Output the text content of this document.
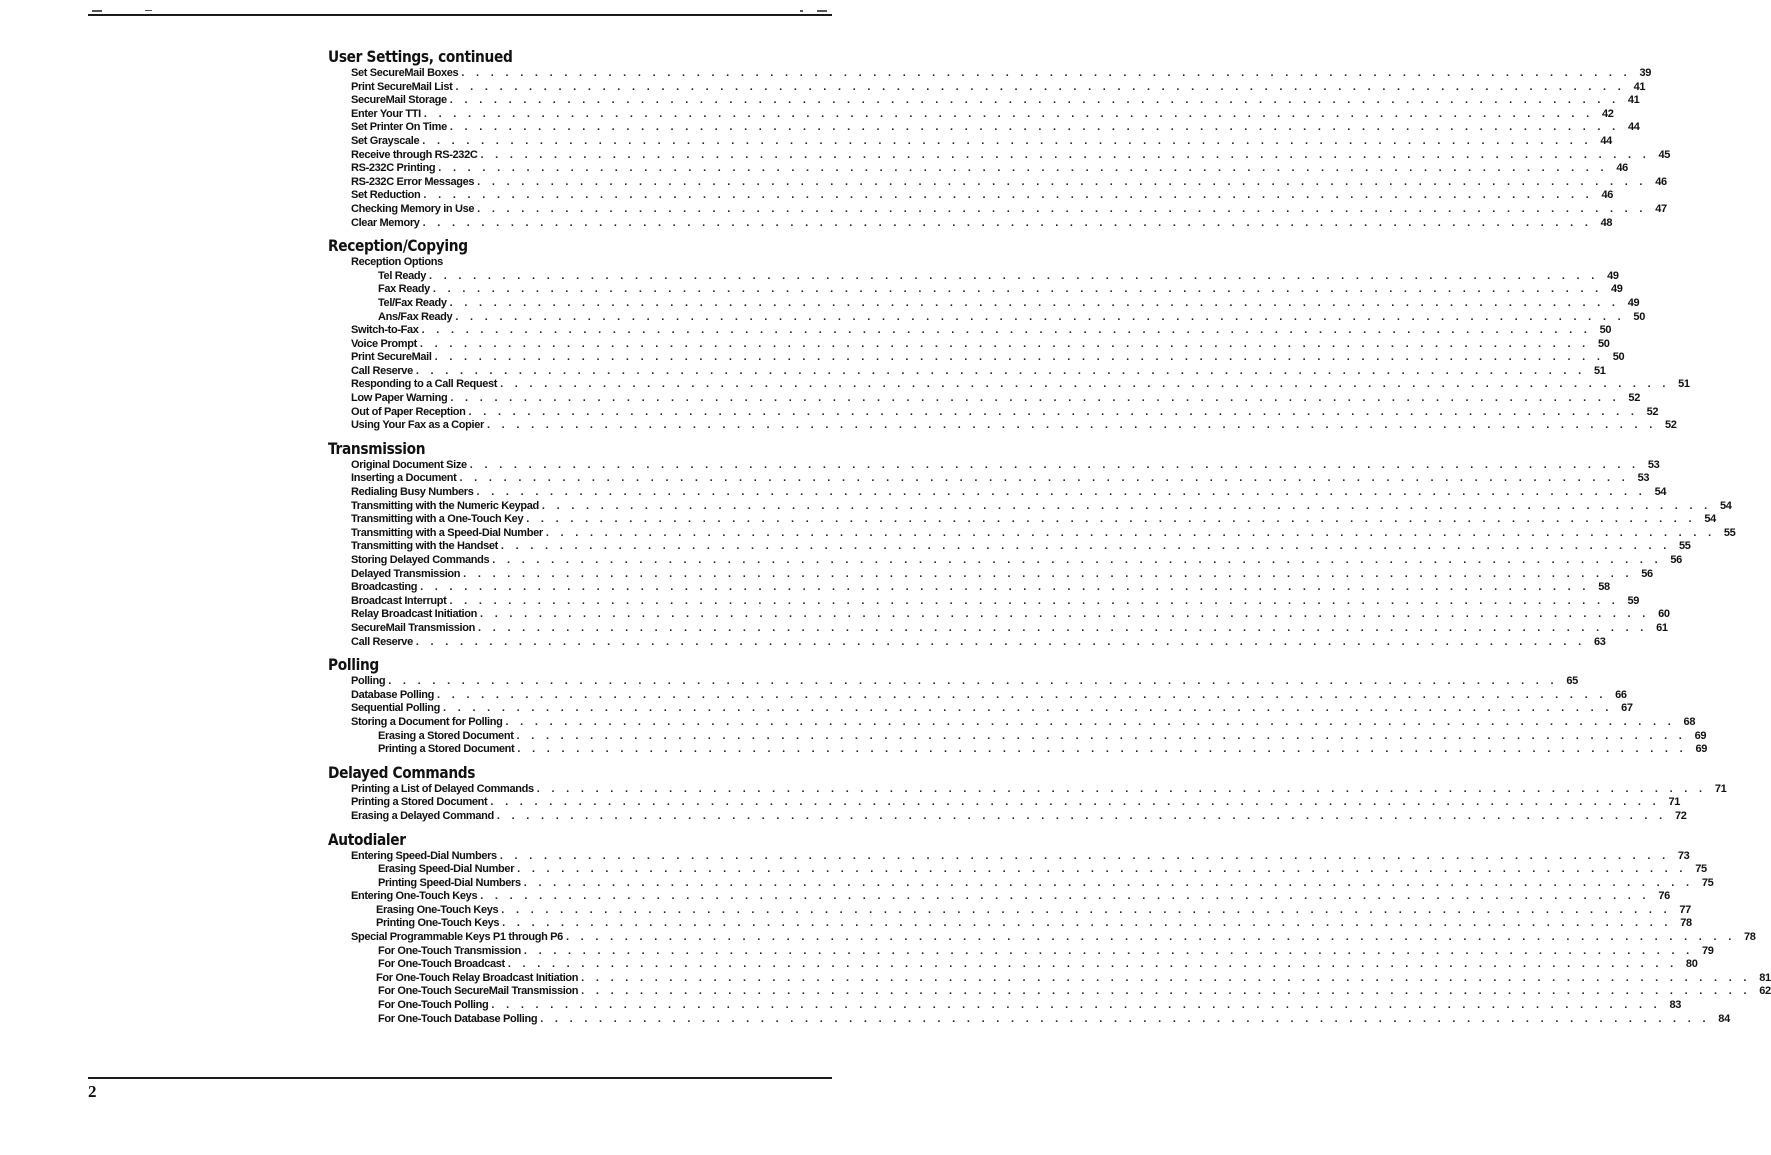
User Settings, continued
Set SecureMail Boxes . . . . . . . . . . . . . . . . . . . . . . . . . . . . . . . . . . . . . . . . . . . . . . . . . . . . . . . . . . . . . . . . . . . . . . . . . . . . . . . . 39
Print SecureMail List . . . . . . . . . . . . . . . . . . . . . . . . . . . . . . . . . . . . . . . . . . . . . . . . . . . . . . . . . . . . . . . . . . . . . . . . . . . . . . . . 41
SecureMail Storage . . . . . . . . . . . . . . . . . . . . . . . . . . . . . . . . . . . . . . . . . . . . . . . . . . . . . . . . . . . . . . . . . . . . . . . . . . . . . . . . 41
Enter Your TTI . . . . . . . . . . . . . . . . . . . . . . . . . . . . . . . . . . . . . . . . . . . . . . . . . . . . . . . . . . . . . . . . . . . . . . . . . . . . . . . . 42
Set Printer On Time . . . . . . . . . . . . . . . . . . . . . . . . . . . . . . . . . . . . . . . . . . . . . . . . . . . . . . . . . . . . . . . . . . . . . . . . . . . . . . . . 44
Set Grayscale . . . . . . . . . . . . . . . . . . . . . . . . . . . . . . . . . . . . . . . . . . . . . . . . . . . . . . . . . . . . . . . . . . . . . . . . . . . . . . . . 44
Receive through RS-232C . . . . . . . . . . . . . . . . . . . . . . . . . . . . . . . . . . . . . . . . . . . . . . . . . . . . . . . . . . . . . . . . . . . . . . . . . . . . . . . . 45
RS-232C Printing . . . . . . . . . . . . . . . . . . . . . . . . . . . . . . . . . . . . . . . . . . . . . . . . . . . . . . . . . . . . . . . . . . . . . . . . . . . . . . . . 46
RS-232C Error Messages . . . . . . . . . . . . . . . . . . . . . . . . . . . . . . . . . . . . . . . . . . . . . . . . . . . . . . . . . . . . . . . . . . . . . . . . . . . . . . . . 46
Set Reduction . . . . . . . . . . . . . . . . . . . . . . . . . . . . . . . . . . . . . . . . . . . . . . . . . . . . . . . . . . . . . . . . . . . . . . . . . . . . . . . . 46
Checking Memory in Use . . . . . . . . . . . . . . . . . . . . . . . . . . . . . . . . . . . . . . . . . . . . . . . . . . . . . . . . . . . . . . . . . . . . . . . . . . . . . . . . 47
Clear Memory . . . . . . . . . . . . . . . . . . . . . . . . . . . . . . . . . . . . . . . . . . . . . . . . . . . . . . . . . . . . . . . . . . . . . . . . . . . . . . . . 48
Reception/Copying
Reception Options
Tel Ready . . . . . . . . . . . . . . . . . . . . . . . . . . . . . . . . . . . . . . . . . . . . . . . . . . . . . . . . . . . . . . . . . . . . . . . . . . . . . . . . 49
Fax Ready . . . . . . . . . . . . . . . . . . . . . . . . . . . . . . . . . . . . . . . . . . . . . . . . . . . . . . . . . . . . . . . . . . . . . . . . . . . . . . . . 49
Tel/Fax Ready . . . . . . . . . . . . . . . . . . . . . . . . . . . . . . . . . . . . . . . . . . . . . . . . . . . . . . . . . . . . . . . . . . . . . . . . . . . . . . . . 49
Ans/Fax Ready . . . . . . . . . . . . . . . . . . . . . . . . . . . . . . . . . . . . . . . . . . . . . . . . . . . . . . . . . . . . . . . . . . . . . . . . . . . . . . . . 50
Switch-to-Fax . . . . . . . . . . . . . . . . . . . . . . . . . . . . . . . . . . . . . . . . . . . . . . . . . . . . . . . . . . . . . . . . . . . . . . . . . . . . . . . . 50
Voice Prompt . . . . . . . . . . . . . . . . . . . . . . . . . . . . . . . . . . . . . . . . . . . . . . . . . . . . . . . . . . . . . . . . . . . . . . . . . . . . . . . . 50
Print SecureMail . . . . . . . . . . . . . . . . . . . . . . . . . . . . . . . . . . . . . . . . . . . . . . . . . . . . . . . . . . . . . . . . . . . . . . . . . . . . . . . . 50
Call Reserve . . . . . . . . . . . . . . . . . . . . . . . . . . . . . . . . . . . . . . . . . . . . . . . . . . . . . . . . . . . . . . . . . . . . . . . . . . . . . . . . 51
Responding to a Call Request . . . . . . . . . . . . . . . . . . . . . . . . . . . . . . . . . . . . . . . . . . . . . . . . . . . . . . . . . . . . . . . . . . . . . . . . . . . . . . . . 51
Low Paper Warning . . . . . . . . . . . . . . . . . . . . . . . . . . . . . . . . . . . . . . . . . . . . . . . . . . . . . . . . . . . . . . . . . . . . . . . . . . . . . . . . 52
Out of Paper Reception . . . . . . . . . . . . . . . . . . . . . . . . . . . . . . . . . . . . . . . . . . . . . . . . . . . . . . . . . . . . . . . . . . . . . . . . . . . . . . . . 52
Using Your Fax as a Copier . . . . . . . . . . . . . . . . . . . . . . . . . . . . . . . . . . . . . . . . . . . . . . . . . . . . . . . . . . . . . . . . . . . . . . . . . . . . . . . . 52
Transmission
Original Document Size . . . . . . . . . . . . . . . . . . . . . . . . . . . . . . . . . . . . . . . . . . . . . . . . . . . . . . . . . . . . . . . . . . . . . . . . . . . . . . . . 53
Inserting a Document . . . . . . . . . . . . . . . . . . . . . . . . . . . . . . . . . . . . . . . . . . . . . . . . . . . . . . . . . . . . . . . . . . . . . . . . . . . . . . . . 53
Redialing Busy Numbers . . . . . . . . . . . . . . . . . . . . . . . . . . . . . . . . . . . . . . . . . . . . . . . . . . . . . . . . . . . . . . . . . . . . . . . . . . . . . . . . 54
Transmitting with the Numeric Keypad . . . . . . . . . . . . . . . . . . . . . . . . . . . . . . . . . . . . . . . . . . . . . . . . . . . . . . . . . . . . . . . . . . . . . . . . . . . . . . . . 54
Transmitting with a One-Touch Key . . . . . . . . . . . . . . . . . . . . . . . . . . . . . . . . . . . . . . . . . . . . . . . . . . . . . . . . . . . . . . . . . . . . . . . . . . . . . . . . 54
Transmitting with a Speed-Dial Number . . . . . . . . . . . . . . . . . . . . . . . . . . . . . . . . . . . . . . . . . . . . . . . . . . . . . . . . . . . . . . . . . . . . . . . . . . . . . . . . 55
Transmitting with the Handset . . . . . . . . . . . . . . . . . . . . . . . . . . . . . . . . . . . . . . . . . . . . . . . . . . . . . . . . . . . . . . . . . . . . . . . . . . . . . . . . 55
Storing Delayed Commands . . . . . . . . . . . . . . . . . . . . . . . . . . . . . . . . . . . . . . . . . . . . . . . . . . . . . . . . . . . . . . . . . . . . . . . . . . . . . . . . 56
Delayed Transmission . . . . . . . . . . . . . . . . . . . . . . . . . . . . . . . . . . . . . . . . . . . . . . . . . . . . . . . . . . . . . . . . . . . . . . . . . . . . . . . . 56
Broadcasting . . . . . . . . . . . . . . . . . . . . . . . . . . . . . . . . . . . . . . . . . . . . . . . . . . . . . . . . . . . . . . . . . . . . . . . . . . . . . . . . 58
Broadcast Interrupt . . . . . . . . . . . . . . . . . . . . . . . . . . . . . . . . . . . . . . . . . . . . . . . . . . . . . . . . . . . . . . . . . . . . . . . . . . . . . . . . 59
Relay Broadcast Initiation . . . . . . . . . . . . . . . . . . . . . . . . . . . . . . . . . . . . . . . . . . . . . . . . . . . . . . . . . . . . . . . . . . . . . . . . . . . . . . . . 60
SecureMail Transmission . . . . . . . . . . . . . . . . . . . . . . . . . . . . . . . . . . . . . . . . . . . . . . . . . . . . . . . . . . . . . . . . . . . . . . . . . . . . . . . . 61
Call Reserve . . . . . . . . . . . . . . . . . . . . . . . . . . . . . . . . . . . . . . . . . . . . . . . . . . . . . . . . . . . . . . . . . . . . . . . . . . . . . . . . 63
Polling
Polling . . . . . . . . . . . . . . . . . . . . . . . . . . . . . . . . . . . . . . . . . . . . . . . . . . . . . . . . . . . . . . . . . . . . . . . . . . . . . . . . 65
Database Polling . . . . . . . . . . . . . . . . . . . . . . . . . . . . . . . . . . . . . . . . . . . . . . . . . . . . . . . . . . . . . . . . . . . . . . . . . . . . . . . . 66
Sequential Polling . . . . . . . . . . . . . . . . . . . . . . . . . . . . . . . . . . . . . . . . . . . . . . . . . . . . . . . . . . . . . . . . . . . . . . . . . . . . . . . . 67
Storing a Document for Polling . . . . . . . . . . . . . . . . . . . . . . . . . . . . . . . . . . . . . . . . . . . . . . . . . . . . . . . . . . . . . . . . . . . . . . . . . . . . . . . . 68
Erasing a Stored Document . . . . . . . . . . . . . . . . . . . . . . . . . . . . . . . . . . . . . . . . . . . . . . . . . . . . . . . . . . . . . . . . . . . . . . . . . . . . . . . . 69
Printing a Stored Document . . . . . . . . . . . . . . . . . . . . . . . . . . . . . . . . . . . . . . . . . . . . . . . . . . . . . . . . . . . . . . . . . . . . . . . . . . . . . . . . 69
Delayed Commands
Printing a List of Delayed Commands . . . . . . . . . . . . . . . . . . . . . . . . . . . . . . . . . . . . . . . . . . . . . . . . . . . . . . . . . . . . . . . . . . . . . . . . . . . . . . . . 71
Printing a Stored Document . . . . . . . . . . . . . . . . . . . . . . . . . . . . . . . . . . . . . . . . . . . . . . . . . . . . . . . . . . . . . . . . . . . . . . . . . . . . . . . . 71
Erasing a Delayed Command . . . . . . . . . . . . . . . . . . . . . . . . . . . . . . . . . . . . . . . . . . . . . . . . . . . . . . . . . . . . . . . . . . . . . . . . . . . . . . . . 72
Autodialer
Entering Speed-Dial Numbers . . . . . . . . . . . . . . . . . . . . . . . . . . . . . . . . . . . . . . . . . . . . . . . . . . . . . . . . . . . . . . . . . . . . . . . . . . . . . . . . 73
Erasing Speed-Dial Number . . . . . . . . . . . . . . . . . . . . . . . . . . . . . . . . . . . . . . . . . . . . . . . . . . . . . . . . . . . . . . . . . . . . . . . . . . . . . . . . 75
Printing Speed-Dial Numbers . . . . . . . . . . . . . . . . . . . . . . . . . . . . . . . . . . . . . . . . . . . . . . . . . . . . . . . . . . . . . . . . . . . . . . . . . . . . . . . . 75
Entering One-Touch Keys . . . . . . . . . . . . . . . . . . . . . . . . . . . . . . . . . . . . . . . . . . . . . . . . . . . . . . . . . . . . . . . . . . . . . . . . . . . . . . . . 76
Erasing One-Touch Keys . . . . . . . . . . . . . . . . . . . . . . . . . . . . . . . . . . . . . . . . . . . . . . . . . . . . . . . . . . . . . . . . . . . . . . . . . . . . . . . . 77
Printing One-Touch Keys . . . . . . . . . . . . . . . . . . . . . . . . . . . . . . . . . . . . . . . . . . . . . . . . . . . . . . . . . . . . . . . . . . . . . . . . . . . . . . . . 78
Special Programmable Keys P1 through P6 . . . . . . . . . . . . . . . . . . . . . . . . . . . . . . . . . . . . . . . . . . . . . . . . . . . . . . . . . . . . . . . . . . . . . . . . . . . . . . . . 78
For One-Touch Transmission . . . . . . . . . . . . . . . . . . . . . . . . . . . . . . . . . . . . . . . . . . . . . . . . . . . . . . . . . . . . . . . . . . . . . . . . . . . . . . . . 79
For One-Touch Broadcast . . . . . . . . . . . . . . . . . . . . . . . . . . . . . . . . . . . . . . . . . . . . . . . . . . . . . . . . . . . . . . . . . . . . . . . . . . . . . . . . 80
For One-Touch Relay Broadcast Initiation . . . . . . . . . . . . . . . . . . . . . . . . . . . . . . . . . . . . . . . . . . . . . . . . . . . . . . . . . . . . . . . . . . . . . . . . . . . . . . . . 81
For One-Touch SecureMail Transmission . . . . . . . . . . . . . . . . . . . . . . . . . . . . . . . . . . . . . . . . . . . . . . . . . . . . . . . . . . . . . . . . . . . . . . . . . . . . . . . . 62
For One-Touch Polling . . . . . . . . . . . . . . . . . . . . . . . . . . . . . . . . . . . . . . . . . . . . . . . . . . . . . . . . . . . . . . . . . . . . . . . . . . . . . . . . 83
For One-Touch Database Polling . . . . . . . . . . . . . . . . . . . . . . . . . . . . . . . . . . . . . . . . . . . . . . . . . . . . . . . . . . . . . . . . . . . . . . . . . . . . . . . . 84
2
